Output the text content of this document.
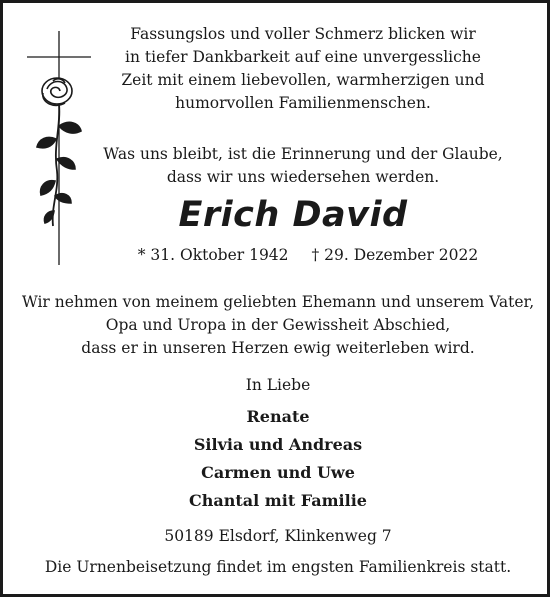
Fassungslos und voller Schmerz blicken wir
in tiefer Dankbarkeit auf eine unvergessliche
Zeit mit einem liebevollen, warmherzigen und
humorvollen Familienmenschen.
Was uns bleibt, ist die Erinnerung und der Glaube,
dass wir uns wiedersehen werden.
Erich David
* 31. Oktober 1942 † 29. Dezember 2022
Wir nehmen von meinem geliebten Ehemann und unserem Vater,
Opa und Uropa in der Gewissheit Abschied,
dass er in unseren Herzen ewig weiterleben wird.
In Liebe
Renate
Silvia und Andreas
Carmen und Uwe
Chantal mit Familie
50189 Elsdorf, Klinkenweg 7
Die Urnenbeisetzung findet im engsten Familienkreis statt.
